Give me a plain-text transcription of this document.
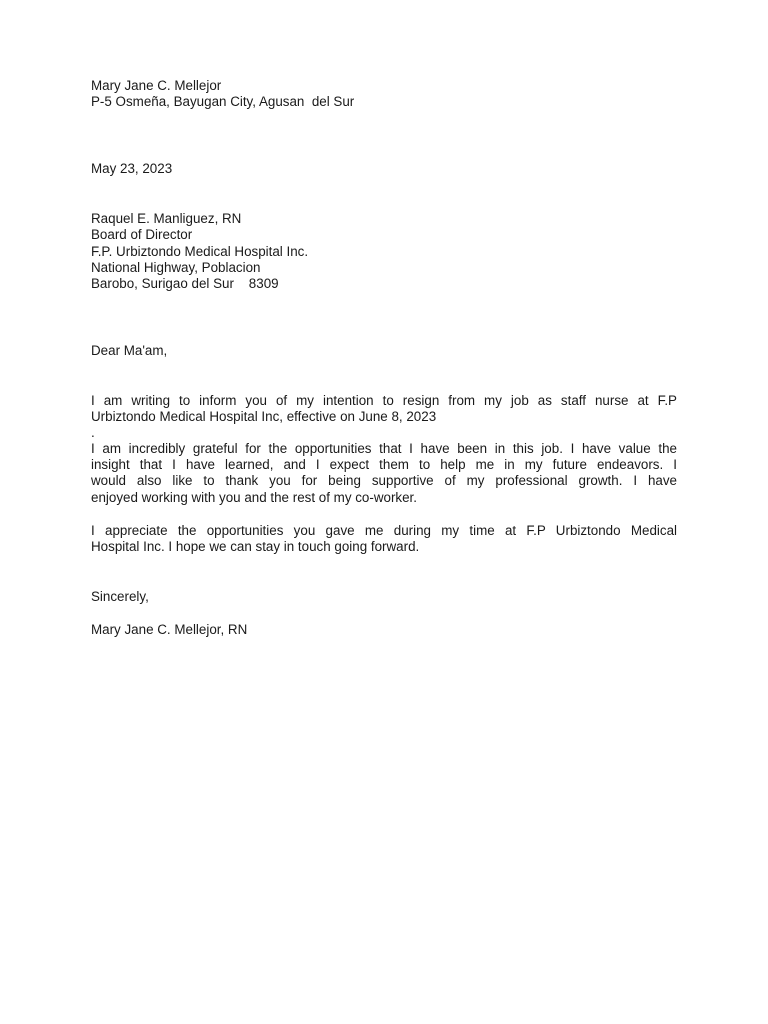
Mary Jane C. Mellejor
P-5 Osmeña, Bayugan City, Agusan  del Sur
May 23, 2023
Raquel E. Manliguez, RN
Board of Director
F.P. Urbiztondo Medical Hospital Inc.
National Highway, Poblacion
Barobo, Surigao del Sur    8309
Dear Ma'am,
I am writing to inform you of my intention to resign from my job as staff nurse at F.P
Urbiztondo Medical Hospital Inc, effective on June 8, 2023
.
I am incredibly grateful for the opportunities that I have been in this job. I have value the
insight that I have learned, and I expect them to help me in my future endeavors. I
would also like to thank you for being supportive of my professional growth. I have
enjoyed working with you and the rest of my co-worker.
I appreciate the opportunities you gave me during my time at F.P Urbiztondo Medical
Hospital Inc. I hope we can stay in touch going forward.
Sincerely,
Mary Jane C. Mellejor, RN
